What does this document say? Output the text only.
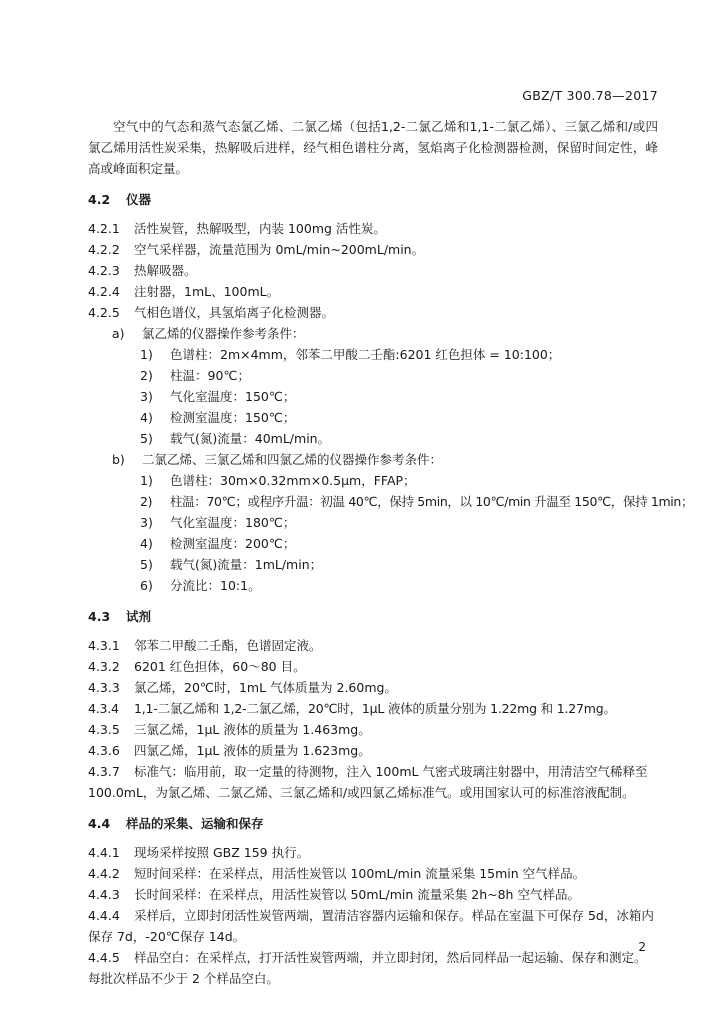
GBZ/T 300.78—2017

空气中的气态和蒸气态氯乙烯、二氯乙烯（包括1,2-二氯乙烯和1,1-二氯乙烯）、三氯乙烯和/或四氯乙烯用活性炭采集，热解吸后进样，经气相色谱柱分离，氢焰离子化检测器检测，保留时间定性，峰高或峰面积定量。

4.2 仪器

4.2.1 活性炭管，热解吸型，内装 100mg 活性炭。

4.2.2 空气采样器，流量范围为 0mL/min~200mL/min。

4.2.3 热解吸器。

4.2.4 注射器，1mL、100mL。

4.2.5 气相色谱仪，具氢焰离子化检测器。

a) 氯乙烯的仪器操作参考条件：

1) 色谱柱：2m×4mm，邻苯二甲酸二壬酯:6201 红色担体 = 10:100；

2) 柱温：90℃；

3) 气化室温度：150℃；

4) 检测室温度：150℃；

5) 载气(氮)流量：40mL/min。

b) 二氯乙烯、三氯乙烯和四氯乙烯的仪器操作参考条件：

1) 色谱柱：30m×0.32mm×0.5μm，FFAP；

2) 柱温：70℃；或程序升温：初温 40℃，保持 5min，以 10℃/min 升温至 150℃，保持 1min；

3) 气化室温度：180℃；

4) 检测室温度：200℃；

5) 载气(氮)流量：1mL/min；

6) 分流比：10:1。

4.3 试剂

4.3.1 邻苯二甲酸二壬酯，色谱固定液。

4.3.2 6201 红色担体，60～80 目。

4.3.3 氯乙烯，20℃时，1mL 气体质量为 2.60mg。

4.3.4 1,1-二氯乙烯和 1,2-二氯乙烯，20℃时，1μL 液体的质量分别为 1.22mg 和 1.27mg。

4.3.5 三氯乙烯，1μL 液体的质量为 1.463mg。

4.3.6 四氯乙烯，1μL 液体的质量为 1.623mg。

4.3.7 标准气：临用前，取一定量的待测物，注入 100mL 气密式玻璃注射器中，用清洁空气稀释至 100.0mL，为氯乙烯、二氯乙烯、三氯乙烯和/或四氯乙烯标准气。或用国家认可的标准溶液配制。

4.4 样品的采集、运输和保存

4.4.1 现场采样按照 GBZ 159 执行。

4.4.2 短时间采样：在采样点，用活性炭管以 100mL/min 流量采集 15min 空气样品。

4.4.3 长时间采样：在采样点，用活性炭管以 50mL/min 流量采集 2h~8h 空气样品。

4.4.4 采样后，立即封闭活性炭管两端，置清洁容器内运输和保存。样品在室温下可保存 5d，冰箱内保存 7d，-20℃保存 14d。

4.4.5 样品空白：在采样点，打开活性炭管两端，并立即封闭，然后同样品一起运输、保存和测定。每批次样品不少于 2 个样品空白。

2
